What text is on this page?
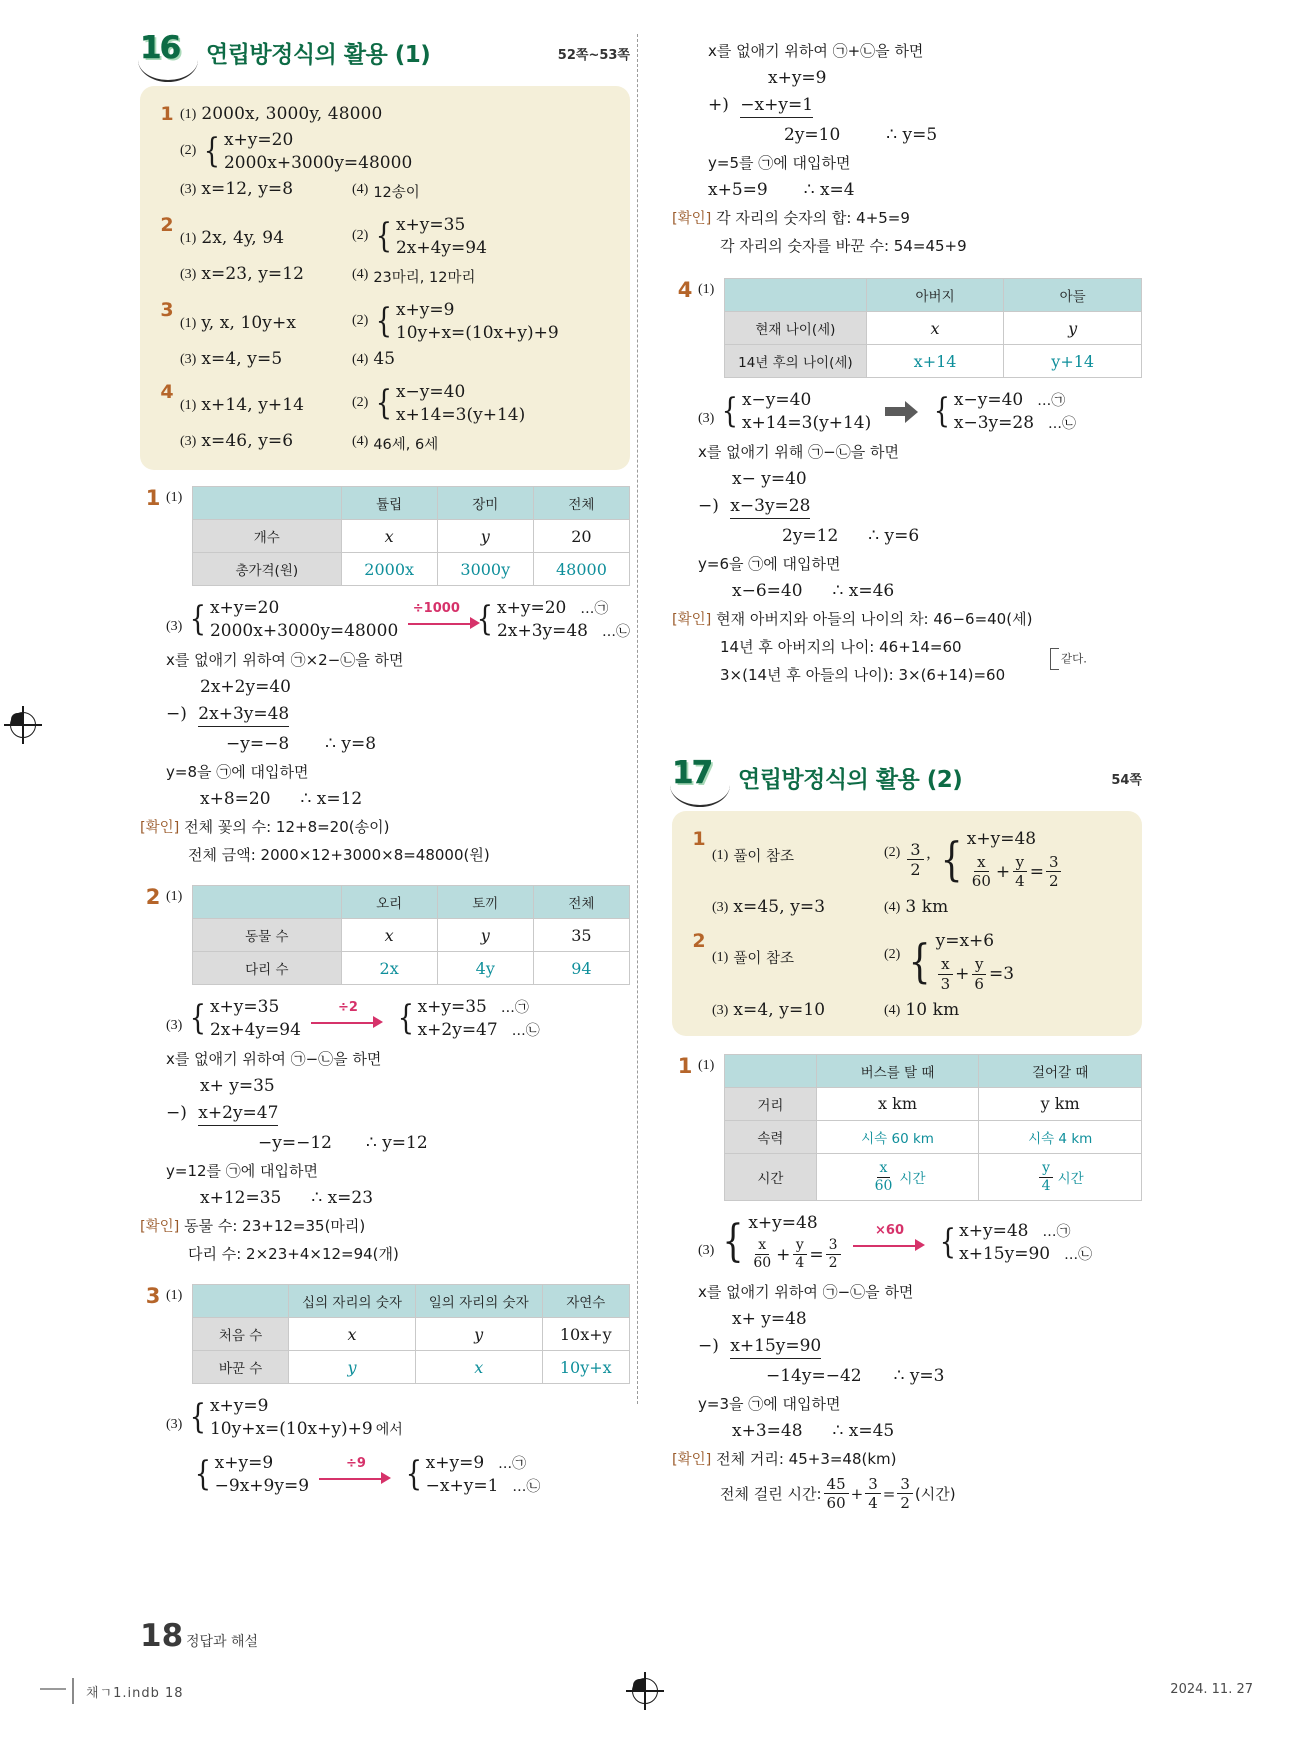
16 연립방정식의 활용 (1)	52쪽~53쪽
1 (1) 2000x, 3000y, 48000
(2) { x+y=20
2000x+3000y=48000
(3) x=12, y=8	(4) 12송이
2
(1) 2x, 4y, 94	(2) { x+y=35
2x+4y=94
(3) x=23, y=12	(4) 23마리, 12마리
3
(1) y, x, 10y+x	(2) { x+y=9
10y+x=(10x+y)+9
(3) x=4, y=5	(4) 45
4
(1) x+14, y+14	(2) { x−y=40
x+14=3(y+14)
(3) x=46, y=6	(4) 46세, 6세
1 (1)
		튤립	장미	전체
개수	x	y	20
총가격(원)	2000x	3000y	48000
(3) { x+y=20
2000x+3000y=48000
÷1000 { x+y=20 …㉠
2x+3y=48 …㉡
x를 없애기 위하여 ㉠×2−㉡을 하면
2x+2y=40
−) 2x+3y=48
−y=−8 ∴ y=8
y=8을 ㉠에 대입하면
x+8=20 ∴ x=12
[확인] 전체 꽃의 수: 12+8=20(송이)
전체 금액: 2000×12+3000×8=48000(원)
2 (1)
		오리	토끼	전체
동물 수	x	y	35
다리 수	2x	4y	94
(3) { x+y=35
2x+4y=94
÷2 { x+y=35 …㉠
x+2y=47 …㉡
x를 없애기 위하여 ㉠−㉡을 하면
x+ y=35
−) x+2y=47
−y=−12 ∴ y=12
y=12를 ㉠에 대입하면
x+12=35 ∴ x=23
[확인] 동물 수: 23+12=35(마리)
다리 수: 2×23+4×12=94(개)
3 (1)
		십의 자리의 숫자	일의 자리의 숫자	자연수
처음 수	x	y	10x+y
바꾼 수	y	x	10y+x
(3) { x+y=9
10y+x=(10x+y)+9 에서
{ x+y=9
−9x+9y=9
÷9 { x+y=9 …㉠
−x+y=1 …㉡
x를 없애기 위하여 ㉠+㉡을 하면
x+y=9
+) −x+y=1
2y=10	∴ y=5
y=5를 ㉠에 대입하면
x+5=9 ∴ x=4
[확인] 각 자리의 숫자의 합: 4+5=9
각 자리의 숫자를 바꾼 수: 54=45+9
4 (1)
		아버지	아들
현재 나이(세)	x	y
14년 후의 나이(세)	x+14	y+14
(3) { x−y=40
x+14=3(y+14) { x−y=40 …㉠
x−3y=28 …㉡
x를 없애기 위해 ㉠−㉡을 하면
x− y=40
−) x−3y=28
2y=12 ∴ y=6
y=6을 ㉠에 대입하면
x−6=40 ∴ x=46
[확인] 현재 아버지와 아들의 나이의 차: 46−6=40(세)
14년 후 아버지의 나이: 46+14=60
3×(14년 후 아들의 나이): 3×(6+14)=60
같다.
17 연립방정식의 활용 (2)	54쪽
1
(1) 풀이 참조	$(2) \frac{3}{2}$ , { x+y=48
$\frac{x}{60} + \frac{y}{4} = \frac{3}{2}$
(3) x=45, y=3	(4) 3 km
2
(1) 풀이 참조	(2) { y=x+6
$\frac{x}{3} + \frac{y}{6} = 3$
(3) x=4, y=10	(4) 10 km
1 (1)
		버스를 탈 때	걸어갈 때
거리	x km	y km
속력	시속 60 km	시속 4 km
시간	$\frac{x}{60}$ 시간	$\frac{y}{4}$ 시간
(3) { x+y=48
$\frac{x}{60} + \frac{y}{4} = \frac{3}{2}$
×60 { x+y=48 …㉠
x+15y=90 …㉡
x를 없애기 위하여 ㉠−㉡을 하면
x+ y=48
−) x+15y=90
−14y=−42 ∴ y=3
y=3을 ㉠에 대입하면
x+3=48 ∴ x=45
[확인] 전체 거리: 45+3=48(km)
전체 걸린 시간: $\frac{45}{60} + \frac{3}{4} = \frac{3}{2}$ (시간)
18 정답과 해설
채ㄱ1.indb 18	2024. 11. 27
